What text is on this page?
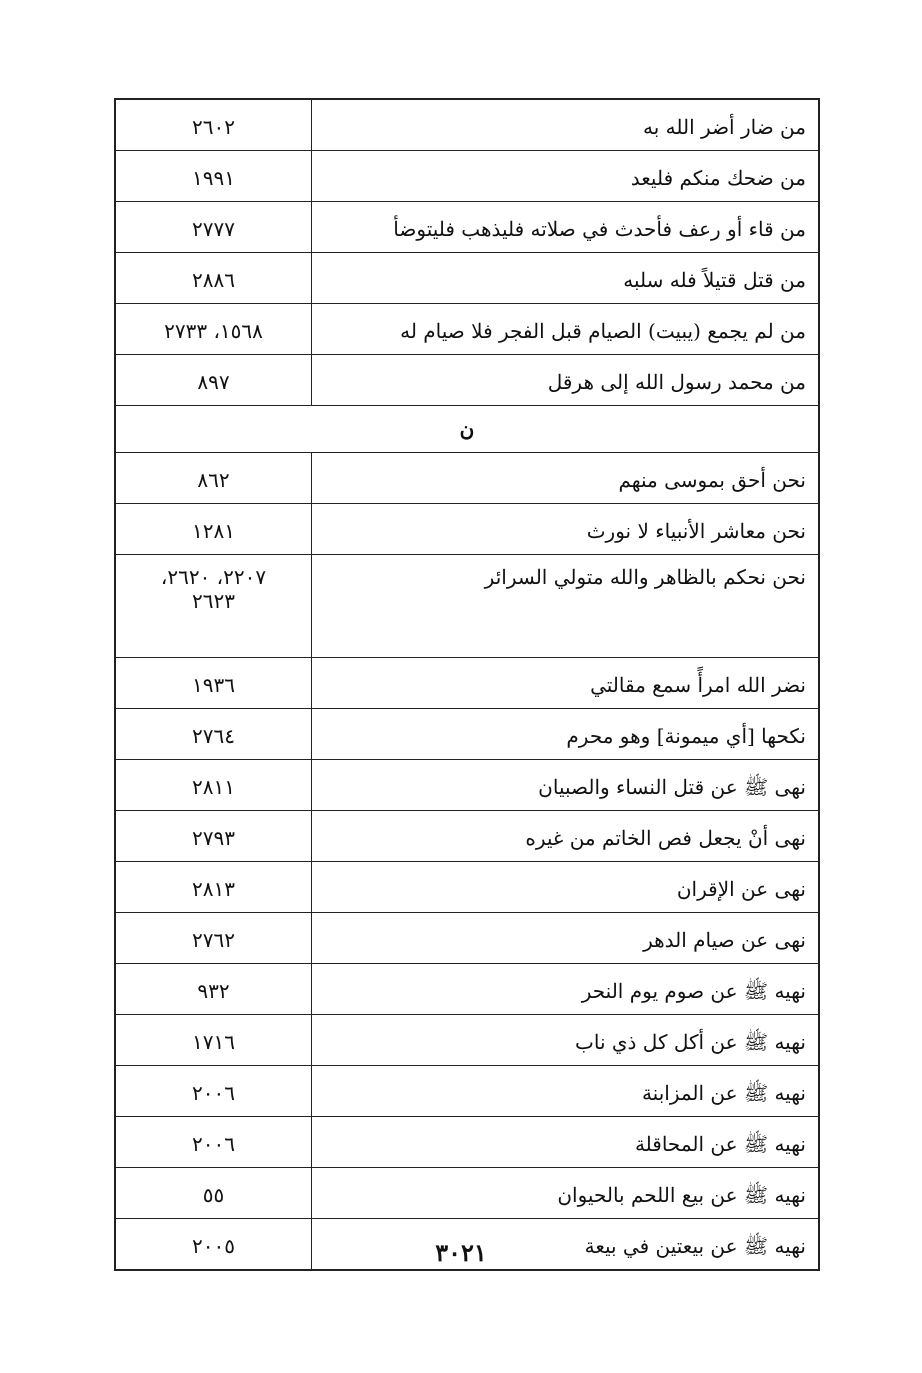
من ضار أضر الله به	٢٦٠٢
من ضحك منكم فليعد	١٩٩١
من قاء أو رعف فأحدث في صلاته فليذهب فليتوضأ	٢٧٧٧
من قتل قتيلاً فله سلبه	٢٨٨٦
من لم يجمع (يبيت) الصيام قبل الفجر فلا صيام له	١٥٦٨، ٢٧٣٣
من محمد رسول الله إلى هرقل	٨٩٧
ن	
نحن أحق بموسى منهم	٨٦٢
نحن معاشر الأنبياء لا نورث	١٢٨١
نحن نحكم بالظاهر والله متولي السرائر	٢٢٠٧، ٢٦٢٠،
٢٦٢٣

نضر الله امرأً سمع مقالتي	١٩٣٦
نكحها [أي ميمونة] وهو محرم	٢٧٦٤
نهى ﷺ عن قتل النساء والصبيان	٢٨١١
نهى أنْ يجعل فص الخاتم من غيره	٢٧٩٣
نهى عن الإقران	٢٨١٣
نهى عن صيام الدهر	٢٧٦٢
نهيه ﷺ عن صوم يوم النحر	٩٣٢
نهيه ﷺ عن أكل كل ذي ناب	١٧١٦
نهيه ﷺ عن المزابنة	٢٠٠٦
نهيه ﷺ عن المحاقلة	٢٠٠٦
نهيه ﷺ عن بيع اللحم بالحيوان	٥٥
نهيه ﷺ عن بيعتين في بيعة	٢٠٠٥	٣٠٢١
